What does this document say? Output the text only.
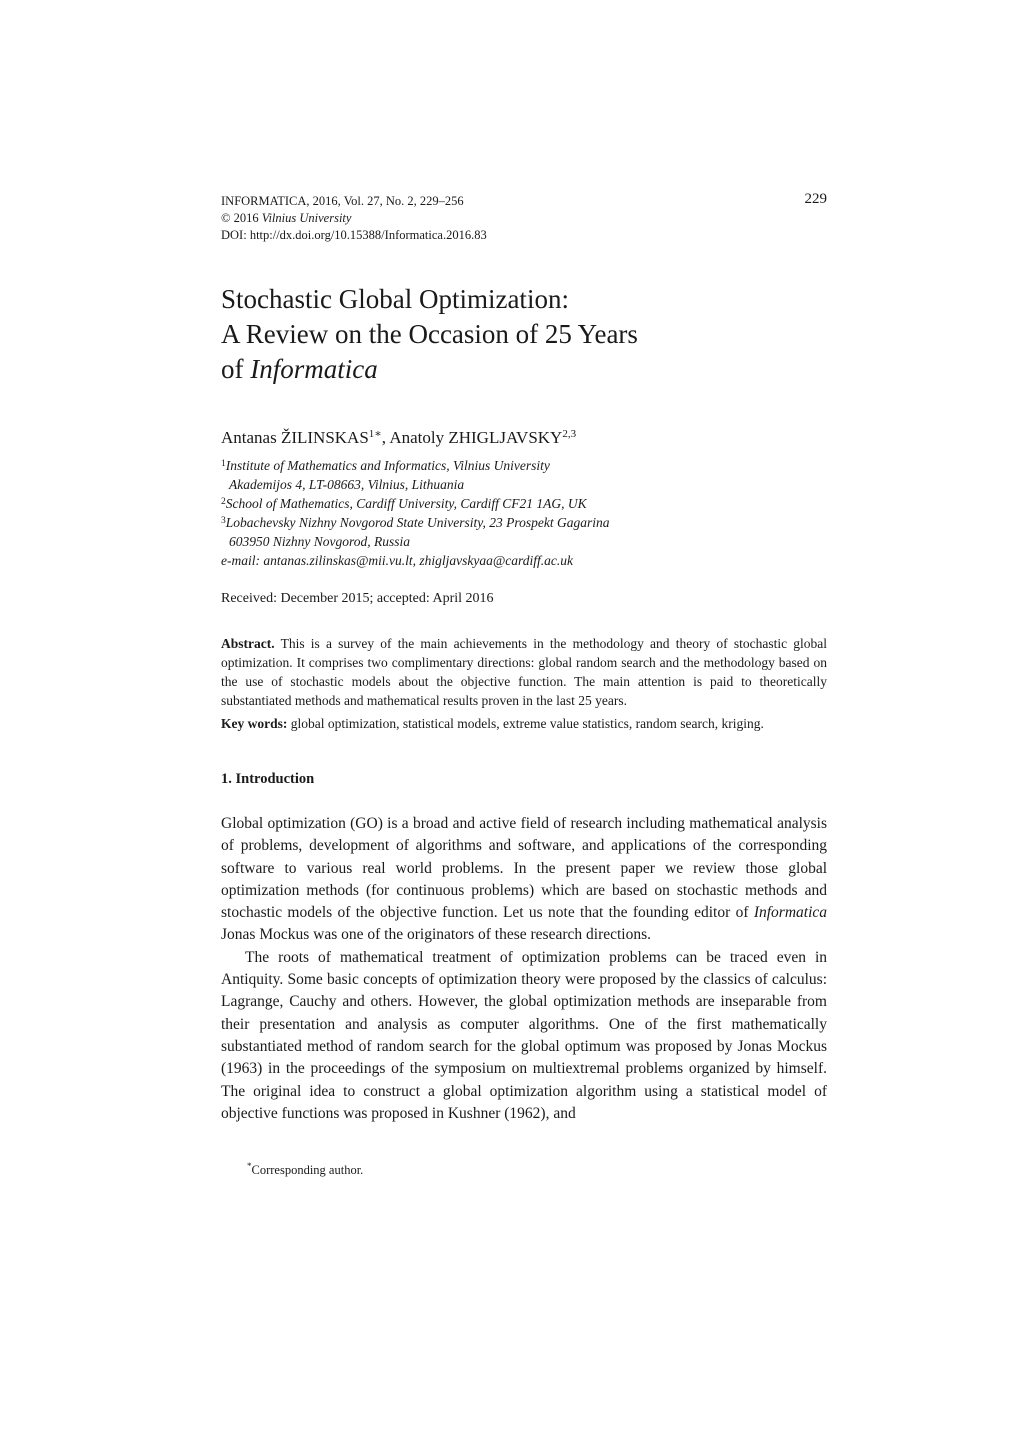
INFORMATICA, 2016, Vol. 27, No. 2, 229–256
© 2016 Vilnius University
DOI: http://dx.doi.org/10.15388/Informatica.2016.83
229
Stochastic Global Optimization:
A Review on the Occasion of 25 Years
of Informatica
Antanas $ŽILINSKAS^{1∗}$, Anatoly ZHIGLJAVSKY$^{2,3}$
$^1$Institute of Mathematics and Informatics, Vilnius University
Akademijos 4, LT-08663, Vilnius, Lithuania
$^2$School of Mathematics, Cardiff University, Cardiff CF21 1AG, UK
$^3$Lobachevsky Nizhny Novgorod State University, 23 Prospekt Gagarina
603950 Nizhny Novgorod, Russia
e-mail: antanas.zilinskas@mii.vu.lt, zhigljavskyaa@cardiff.ac.uk
Received: December 2015; accepted: April 2016

Abstract. This is a survey of the main achievements in the methodology and theory of stochastic global optimization. It comprises two complimentary directions: global random search and the methodology based on the use of stochastic models about the objective function. The main attention is paid to theoretically substantiated methods and mathematical results proven in the last 25 years.

Key words: global optimization, statistical models, extreme value statistics, random search, kriging.

1. Introduction

Global optimization (GO) is a broad and active field of research including mathematical analysis of problems, development of algorithms and software, and applications of the corresponding software to various real world problems. In the present paper we review those global optimization methods (for continuous problems) which are based on stochastic methods and stochastic models of the objective function. Let us note that the founding editor of Informatica Jonas Mockus was one of the originators of these research directions.

The roots of mathematical treatment of optimization problems can be traced even in Antiquity. Some basic concepts of optimization theory were proposed by the classics of calculus: Lagrange, Cauchy and others. However, the global optimization methods are inseparable from their presentation and analysis as computer algorithms. One of the first mathematically substantiated method of random search for the global optimum was proposed by Jonas Mockus (1963) in the proceedings of the symposium on multiextremal problems organized by himself. The original idea to construct a global optimization algorithm using a statistical model of objective functions was proposed in Kushner (1962), and

*Corresponding author.
